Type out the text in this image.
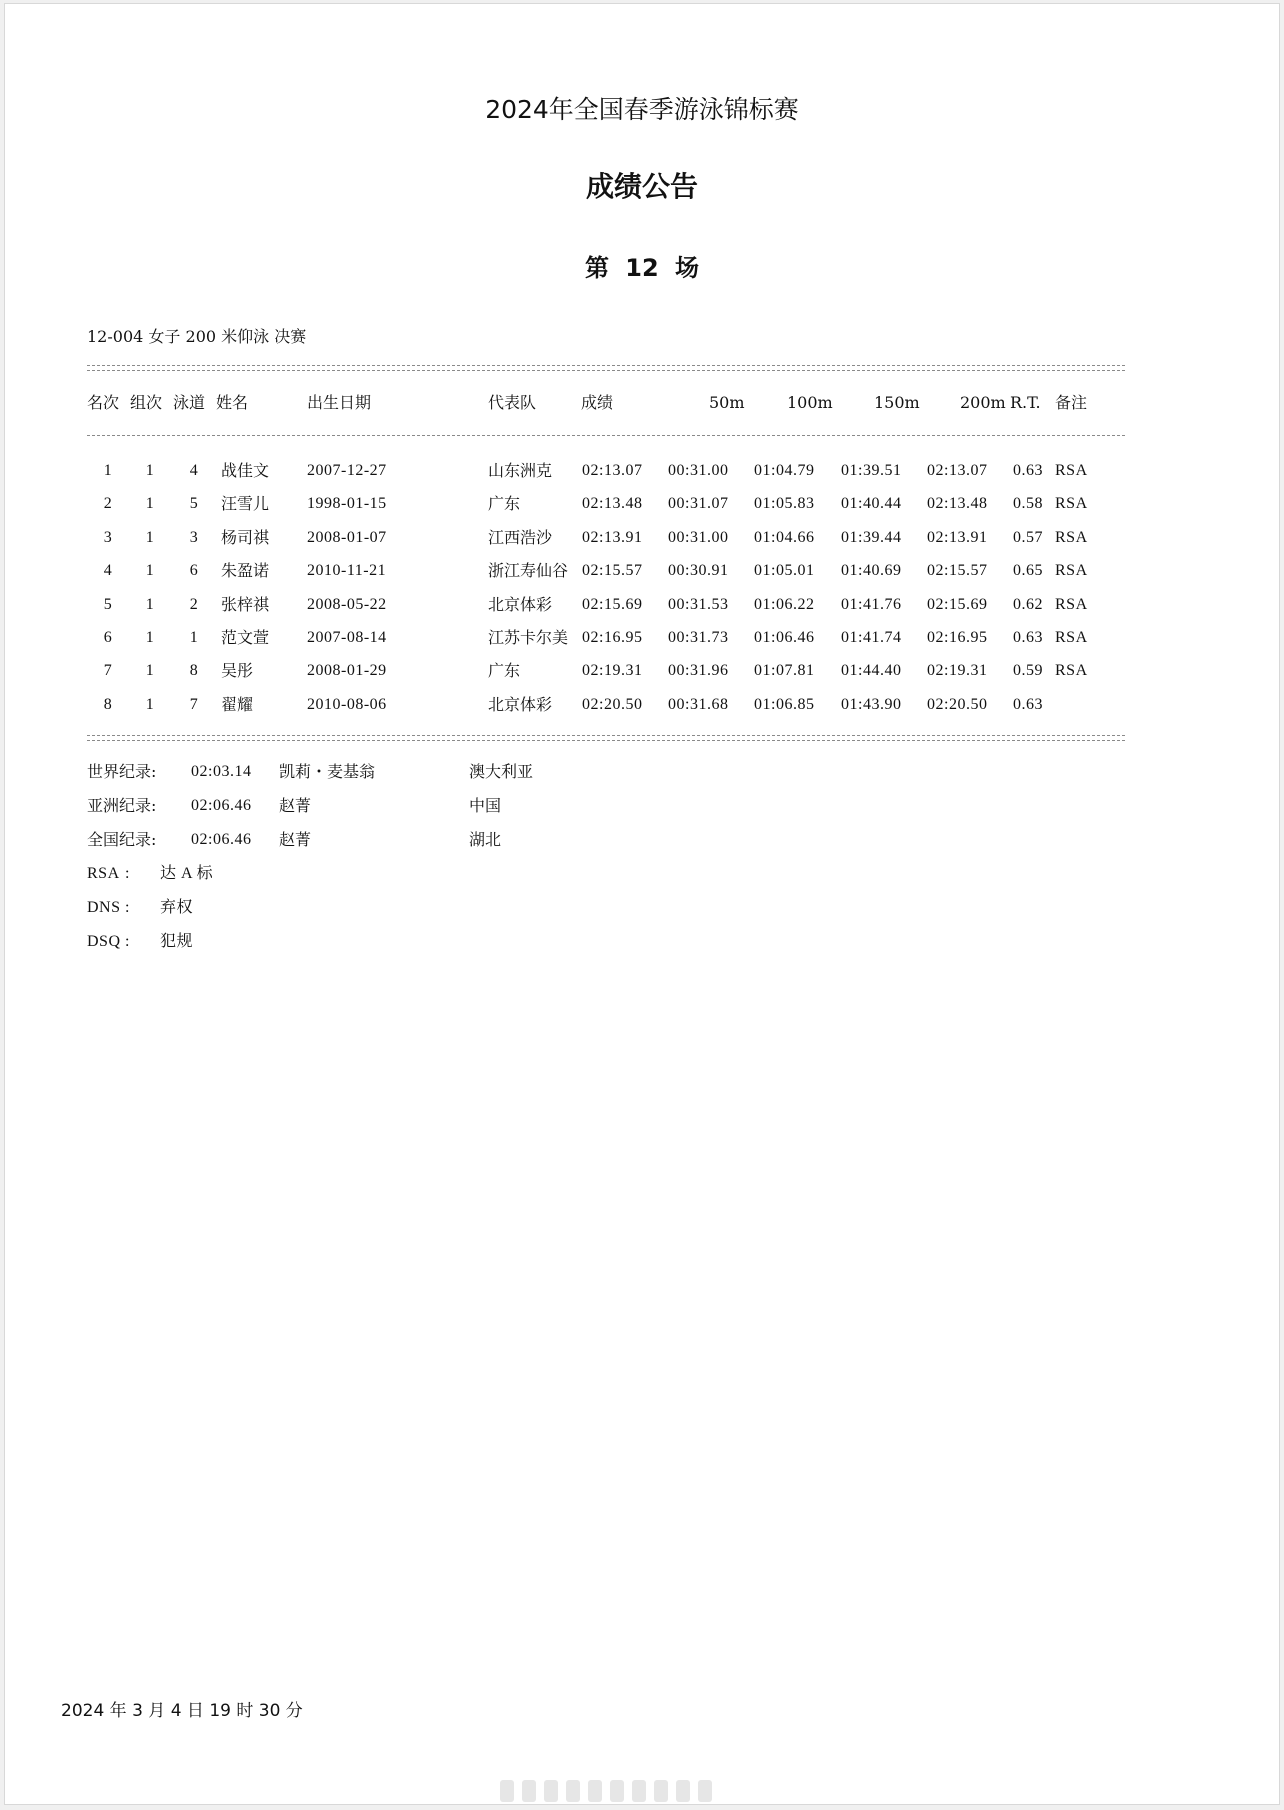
2024年全国春季游泳锦标赛
成绩公告
第 12 场
12-004 女子 200 米仰泳 决赛
名次 组次 泳道 姓名	出生日期	代表队	成绩	50m	100m	150m	200m R.T. 备注
1	1	4	战佳文 2007-12-27	山东洲克 02:13.07 00:31.00 01:04.79 01:39.51 02:13.07 0.63 RSA
2	1	5	汪雪儿 1998-01-15	广东	02:13.48 00:31.07 01:05.83 01:40.44 02:13.48 0.58 RSA
3	1	3	杨司祺 2008-01-07	江西浩沙 02:13.91 00:31.00 01:04.66 01:39.44 02:13.91 0.57 RSA
4	1	6	朱盈诺 2010-11-21	浙江寿仙谷 02:15.57 00:30.91 01:05.01 01:40.69 02:15.57 0.65 RSA
5	1	2	张梓祺 2008-05-22	北京体彩 02:15.69 00:31.53 01:06.22 01:41.76 02:15.69 0.62 RSA
6	1	1	范文萱 2007-08-14	江苏卡尔美 02:16.95 00:31.73 01:06.46 01:41.74 02:16.95 0.63 RSA
7	1	8	吴彤	2008-01-29	广东	02:19.31 00:31.96 01:07.81 01:44.40 02:19.31 0.59 RSA
8	1	7	翟耀	2010-08-06	北京体彩 02:20.50 00:31.68 01:06.85 01:43.90 02:20.50 0.63
世界纪录: 02:03.14 凯莉・麦基翁	澳大利亚
亚洲纪录: 02:06.46 赵菁	中国
全国纪录: 02:06.46 赵菁	湖北
RSA : 达 A 标
DNS : 弃权
DSQ : 犯规
2024 年 3 月 4 日 19 时 30 分
